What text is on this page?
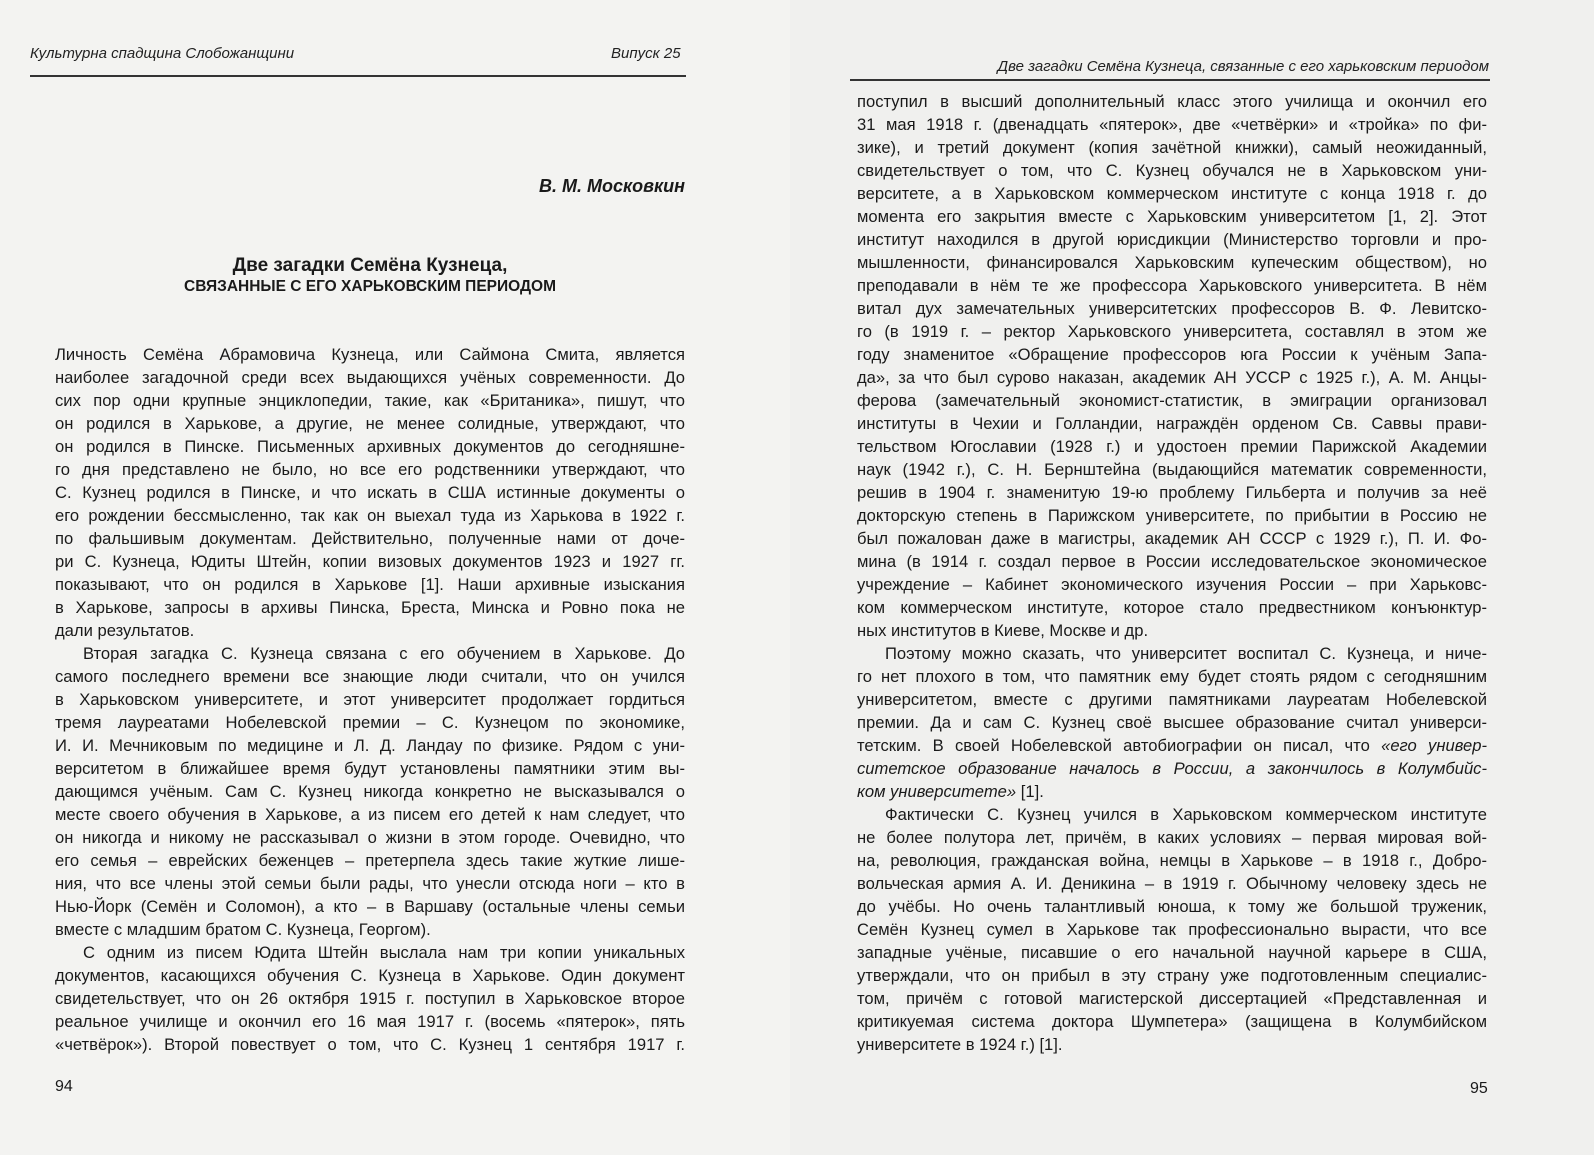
Культурна спадщина Слобожанщини	Випуск 25
В. М. Московкин
Две загадки Семёна Кузнеца,
СВЯЗАННЫЕ С ЕГО ХАРЬКОВСКИМ ПЕРИОДОМ
Личность Семёна Абрамовича Кузнеца, или Саймона Смита, является
наиболее загадочной среди всех выдающихся учёных современности. До
сих пор одни крупные энциклопедии, такие, как «Британика», пишут, что
он родился в Харькове, а другие, не менее солидные, утверждают, что
он родился в Пинске. Письменных архивных документов до сегодняшне-
го дня представлено не было, но все его родственники утверждают, что
С. Кузнец родился в Пинске, и что искать в США истинные документы о
его рождении бессмысленно, так как он выехал туда из Харькова в 1922 г.
по фальшивым документам. Действительно, полученные нами от доче-
ри С. Кузнеца, Юдиты Штейн, копии визовых документов 1923 и 1927 гг.
показывают, что он родился в Харькове [1]. Наши архивные изыскания
в Харькове, запросы в архивы Пинска, Бреста, Минска и Ровно пока не
дали результатов.
Вторая загадка С. Кузнеца связана с его обучением в Харькове. До
самого последнего времени все знающие люди считали, что он учился
в Харьковском университете, и этот университет продолжает гордиться
тремя лауреатами Нобелевской премии – С. Кузнецом по экономике,
И. И. Мечниковым по медицине и Л. Д. Ландау по физике. Рядом с уни-
верситетом в ближайшее время будут установлены памятники этим вы-
дающимся учёным. Сам С. Кузнец никогда конкретно не высказывался о
месте своего обучения в Харькове, а из писем его детей к нам следует, что
он никогда и никому не рассказывал о жизни в этом городе. Очевидно, что
его семья – еврейских беженцев – претерпела здесь такие жуткие лише-
ния, что все члены этой семьи были рады, что унесли отсюда ноги – кто в
Нью-Йорк (Семён и Соломон), а кто – в Варшаву (остальные члены семьи
вместе с младшим братом С. Кузнеца, Георгом).
С одним из писем Юдита Штейн выслала нам три копии уникальных
документов, касающихся обучения С. Кузнеца в Харькове. Один документ
свидетельствует, что он 26 октября 1915 г. поступил в Харьковское второе
реальное училище и окончил его 16 мая 1917 г. (восемь «пятерок», пять
«четвёрок»). Второй повествует о том, что С. Кузнец 1 сентября 1917 г.
94
Две загадки Семёна Кузнеца, связанные с его харьковским периодом
поступил в высший дополнительный класс этого училища и окончил его
31 мая 1918 г. (двенадцать «пятерок», две «четвёрки» и «тройка» по фи-
зике), и третий документ (копия зачётной книжки), самый неожиданный,
свидетельствует о том, что С. Кузнец обучался не в Харьковском уни-
верситете, а в Харьковском коммерческом институте с конца 1918 г. до
момента его закрытия вместе с Харьковским университетом [1, 2]. Этот
институт находился в другой юрисдикции (Министерство торговли и про-
мышленности, финансировался Харьковским купеческим обществом), но
преподавали в нём те же профессора Харьковского университета. В нём
витал дух замечательных университетских профессоров В. Ф. Левитско-
го (в 1919 г. – ректор Харьковского университета, составлял в этом же
году знаменитое «Обращение профессоров юга России к учёным Запа-
да», за что был сурово наказан, академик АН УССР с 1925 г.), А. М. Анцы-
ферова (замечательный экономист-статистик, в эмиграции организовал
институты в Чехии и Голландии, награждён орденом Св. Саввы прави-
тельством Югославии (1928 г.) и удостоен премии Парижской Академии
наук (1942 г.), С. Н. Бернштейна (выдающийся математик современности,
решив в 1904 г. знаменитую 19-ю проблему Гильберта и получив за неё
докторскую степень в Парижском университете, по прибытии в Россию не
был пожалован даже в магистры, академик АН СССР с 1929 г.), П. И. Фо-
мина (в 1914 г. создал первое в России исследовательское экономическое
учреждение – Кабинет экономического изучения России – при Харьковс-
ком коммерческом институте, которое стало предвестником конъюнктур-
ных институтов в Киеве, Москве и др.
Поэтому можно сказать, что университет воспитал С. Кузнеца, и ниче-
го нет плохого в том, что памятник ему будет стоять рядом с сегодняшним
университетом, вместе с другими памятниками лауреатам Нобелевской
премии. Да и сам С. Кузнец своё высшее образование считал универси-
тетским. В своей Нобелевской автобиографии он писал, что «его универ-
ситетское образование началось в России, а закончилось в Колумбийс-
ком университете» [1].
Фактически С. Кузнец учился в Харьковском коммерческом институте
не более полутора лет, причём, в каких условиях – первая мировая вой-
на, революция, гражданская война, немцы в Харькове – в 1918 г., Добро-
вольческая армия А. И. Деникина – в 1919 г. Обычному человеку здесь не
до учёбы. Но очень талантливый юноша, к тому же большой труженик,
Семён Кузнец сумел в Харькове так профессионально вырасти, что все
западные учёные, писавшие о его начальной научной карьере в США,
утверждали, что он прибыл в эту страну уже подготовленным специалис-
том, причём с готовой магистерской диссертацией «Представленная и
критикуемая система доктора Шумпетера» (защищена в Колумбийском
университете в 1924 г.) [1].
95
